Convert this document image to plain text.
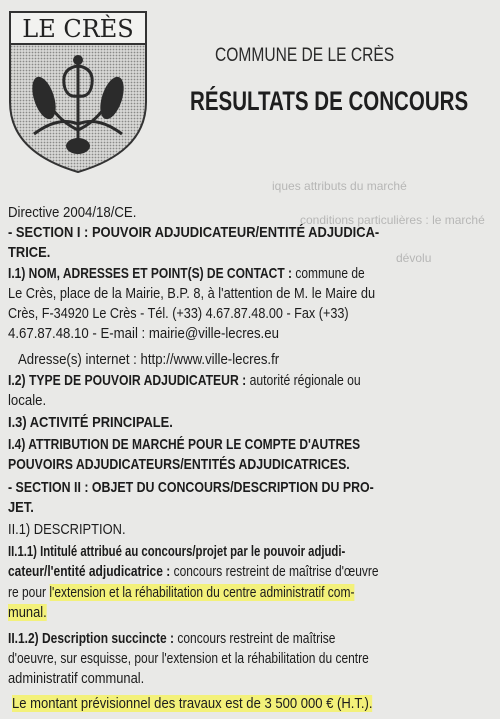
LE CRÈS
COMMUNE DE LE CRÈS
RÉSULTATS DE CONCOURS
iques attributs du marché
conditions particulières : le marché
dévolu
Directive 2004/18/CE.
- SECTION I : POUVOIR ADJUDICATEUR/ENTITÉ ADJUDICA-
TRICE.
I.1) NOM, ADRESSES ET POINT(S) DE CONTACT : commune de
Le Crès, place de la Mairie, B.P. 8, à l'attention de M. le Maire du
Crès, F-34920 Le Crès - Tél. (+33) 4.67.87.48.00 - Fax (+33)
4.67.87.48.10 - E-mail : mairie@ville-lecres.eu
Adresse(s) internet : http://www.ville-lecres.fr
I.2) TYPE DE POUVOIR ADJUDICATEUR : autorité régionale ou
locale.
I.3) ACTIVITÉ PRINCIPALE.
I.4) ATTRIBUTION DE MARCHÉ POUR LE COMPTE D'AUTRES
POUVOIRS ADJUDICATEURS/ENTITÉS ADJUDICATRICES.
- SECTION II : OBJET DU CONCOURS/DESCRIPTION DU PRO-
JET.
II.1) DESCRIPTION.
II.1.1) Intitulé attribué au concours/projet par le pouvoir adjudi-
cateur/l'entité adjudicatrice : concours restreint de maîtrise d'œuvre
re pour l'extension et la réhabilitation du centre administratif com-
munal.
II.1.2) Description succincte : concours restreint de maîtrise
d'oeuvre, sur esquisse, pour l'extension et la réhabilitation du centre
administratif communal.
Le montant prévisionnel des travaux est de 3 500 000 € (H.T.).
